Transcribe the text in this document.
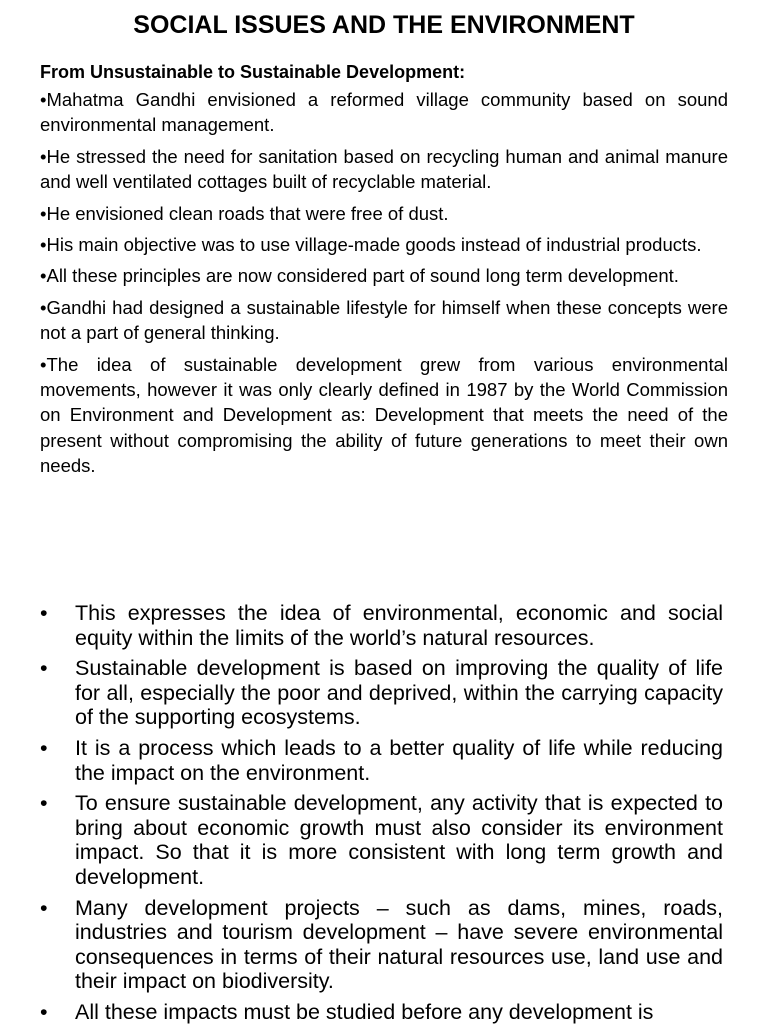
SOCIAL ISSUES AND THE ENVIRONMENT
From Unsustainable to Sustainable Development:

•Mahatma Gandhi envisioned a reformed village community based on sound environmental management.

•He stressed the need for sanitation based on recycling human and animal manure and well ventilated cottages built of recyclable material.

•He envisioned clean roads that were free of dust.

•His main objective was to use village-made goods instead of industrial products.

•All these principles are now considered part of sound long term development.

•Gandhi had designed a sustainable lifestyle for himself when these concepts were not a part of general thinking.

•The idea of sustainable development grew from various environmental movements, however it was only clearly defined in 1987 by the World Commission on Environment and Development as: Development that meets the need of the present without compromising the ability of future generations to meet their own needs.

•	This expresses the idea of environmental, economic and social equity within the limits of the world’s natural resources.
•	Sustainable development is based on improving the quality of life for all, especially the poor and deprived, within the carrying capacity of the supporting ecosystems.
•	It is a process which leads to a better quality of life while reducing the impact on the environment.
•	To ensure sustainable development, any activity that is expected to bring about economic growth must also consider its environment impact. So that it is more consistent with long term growth and development.
•	Many development projects – such as dams, mines, roads, industries and tourism development – have severe environmental consequences in terms of their natural resources use, land use and their impact on biodiversity.
•	All these impacts must be studied before any development is
